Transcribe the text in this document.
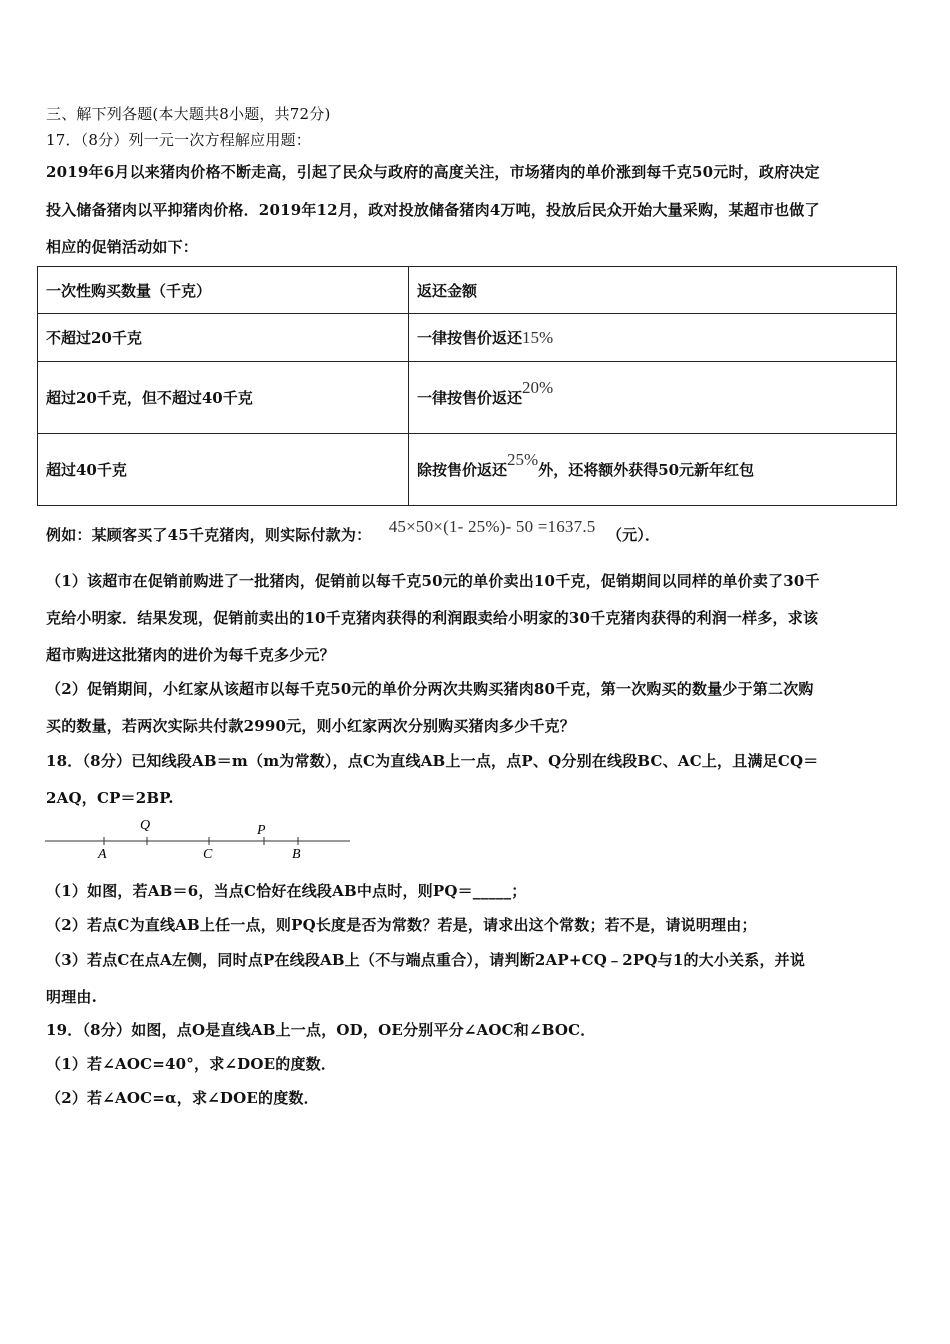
三、解下列各题(本大题共8小题，共72分)
17．（8分）列一元一次方程解应用题：
2019年6月以来猪肉价格不断走高，引起了民众与政府的高度关注，市场猪肉的单价涨到每千克50元时，政府决定
投入储备猪肉以平抑猪肉价格．2019年12月，政对投放储备猪肉4万吨，投放后民众开始大量采购，某超市也做了
相应的促销活动如下：
一次性购买数量（千克）	返还金额
不超过20千克	一律按售价返还15%
超过20千克，但不超过40千克	一律按售价返还20%
超过40千克	除按售价返还25%外，还将额外获得50元新年红包
例如：某顾客买了45千克猪肉，则实际付款为： 45×50×(1- 25%)- 50 =1637.5 （元）．
（1）该超市在促销前购进了一批猪肉，促销前以每千克50元的单价卖出10千克，促销期间以同样的单价卖了30千
克给小明家．结果发现，促销前卖出的10千克猪肉获得的利润跟卖给小明家的30千克猪肉获得的利润一样多，求该
超市购进这批猪肉的进价为每千克多少元？
（2）促销期间，小红家从该超市以每千克50元的单价分两次共购买猪肉80千克，第一次购买的数量少于第二次购
买的数量，若两次实际共付款2990元，则小红家两次分别购买猪肉多少千克？
18．（8分）已知线段AB＝m（m为常数），点C为直线AB上一点，点P、Q分别在线段BC、AC上，且满足CQ＝
2AQ，CP＝2BP.
Q	P
A	C	B
（1）如图，若AB＝6，当点C恰好在线段AB中点时，则PQ＝_____；
（2）若点C为直线AB上任一点，则PQ长度是否为常数？若是，请求出这个常数；若不是，请说明理由；
（3）若点C在点A左侧，同时点P在线段AB上（不与端点重合），请判断2AP+CQ﹣2PQ与1的大小关系，并说
明理由.
19．（8分）如图，点O是直线AB上一点，OD，OE分别平分∠AOC和∠BOC．
（1）若∠AOC=40°，求∠DOE的度数．
（2）若∠AOC=α，求∠DOE的度数．
